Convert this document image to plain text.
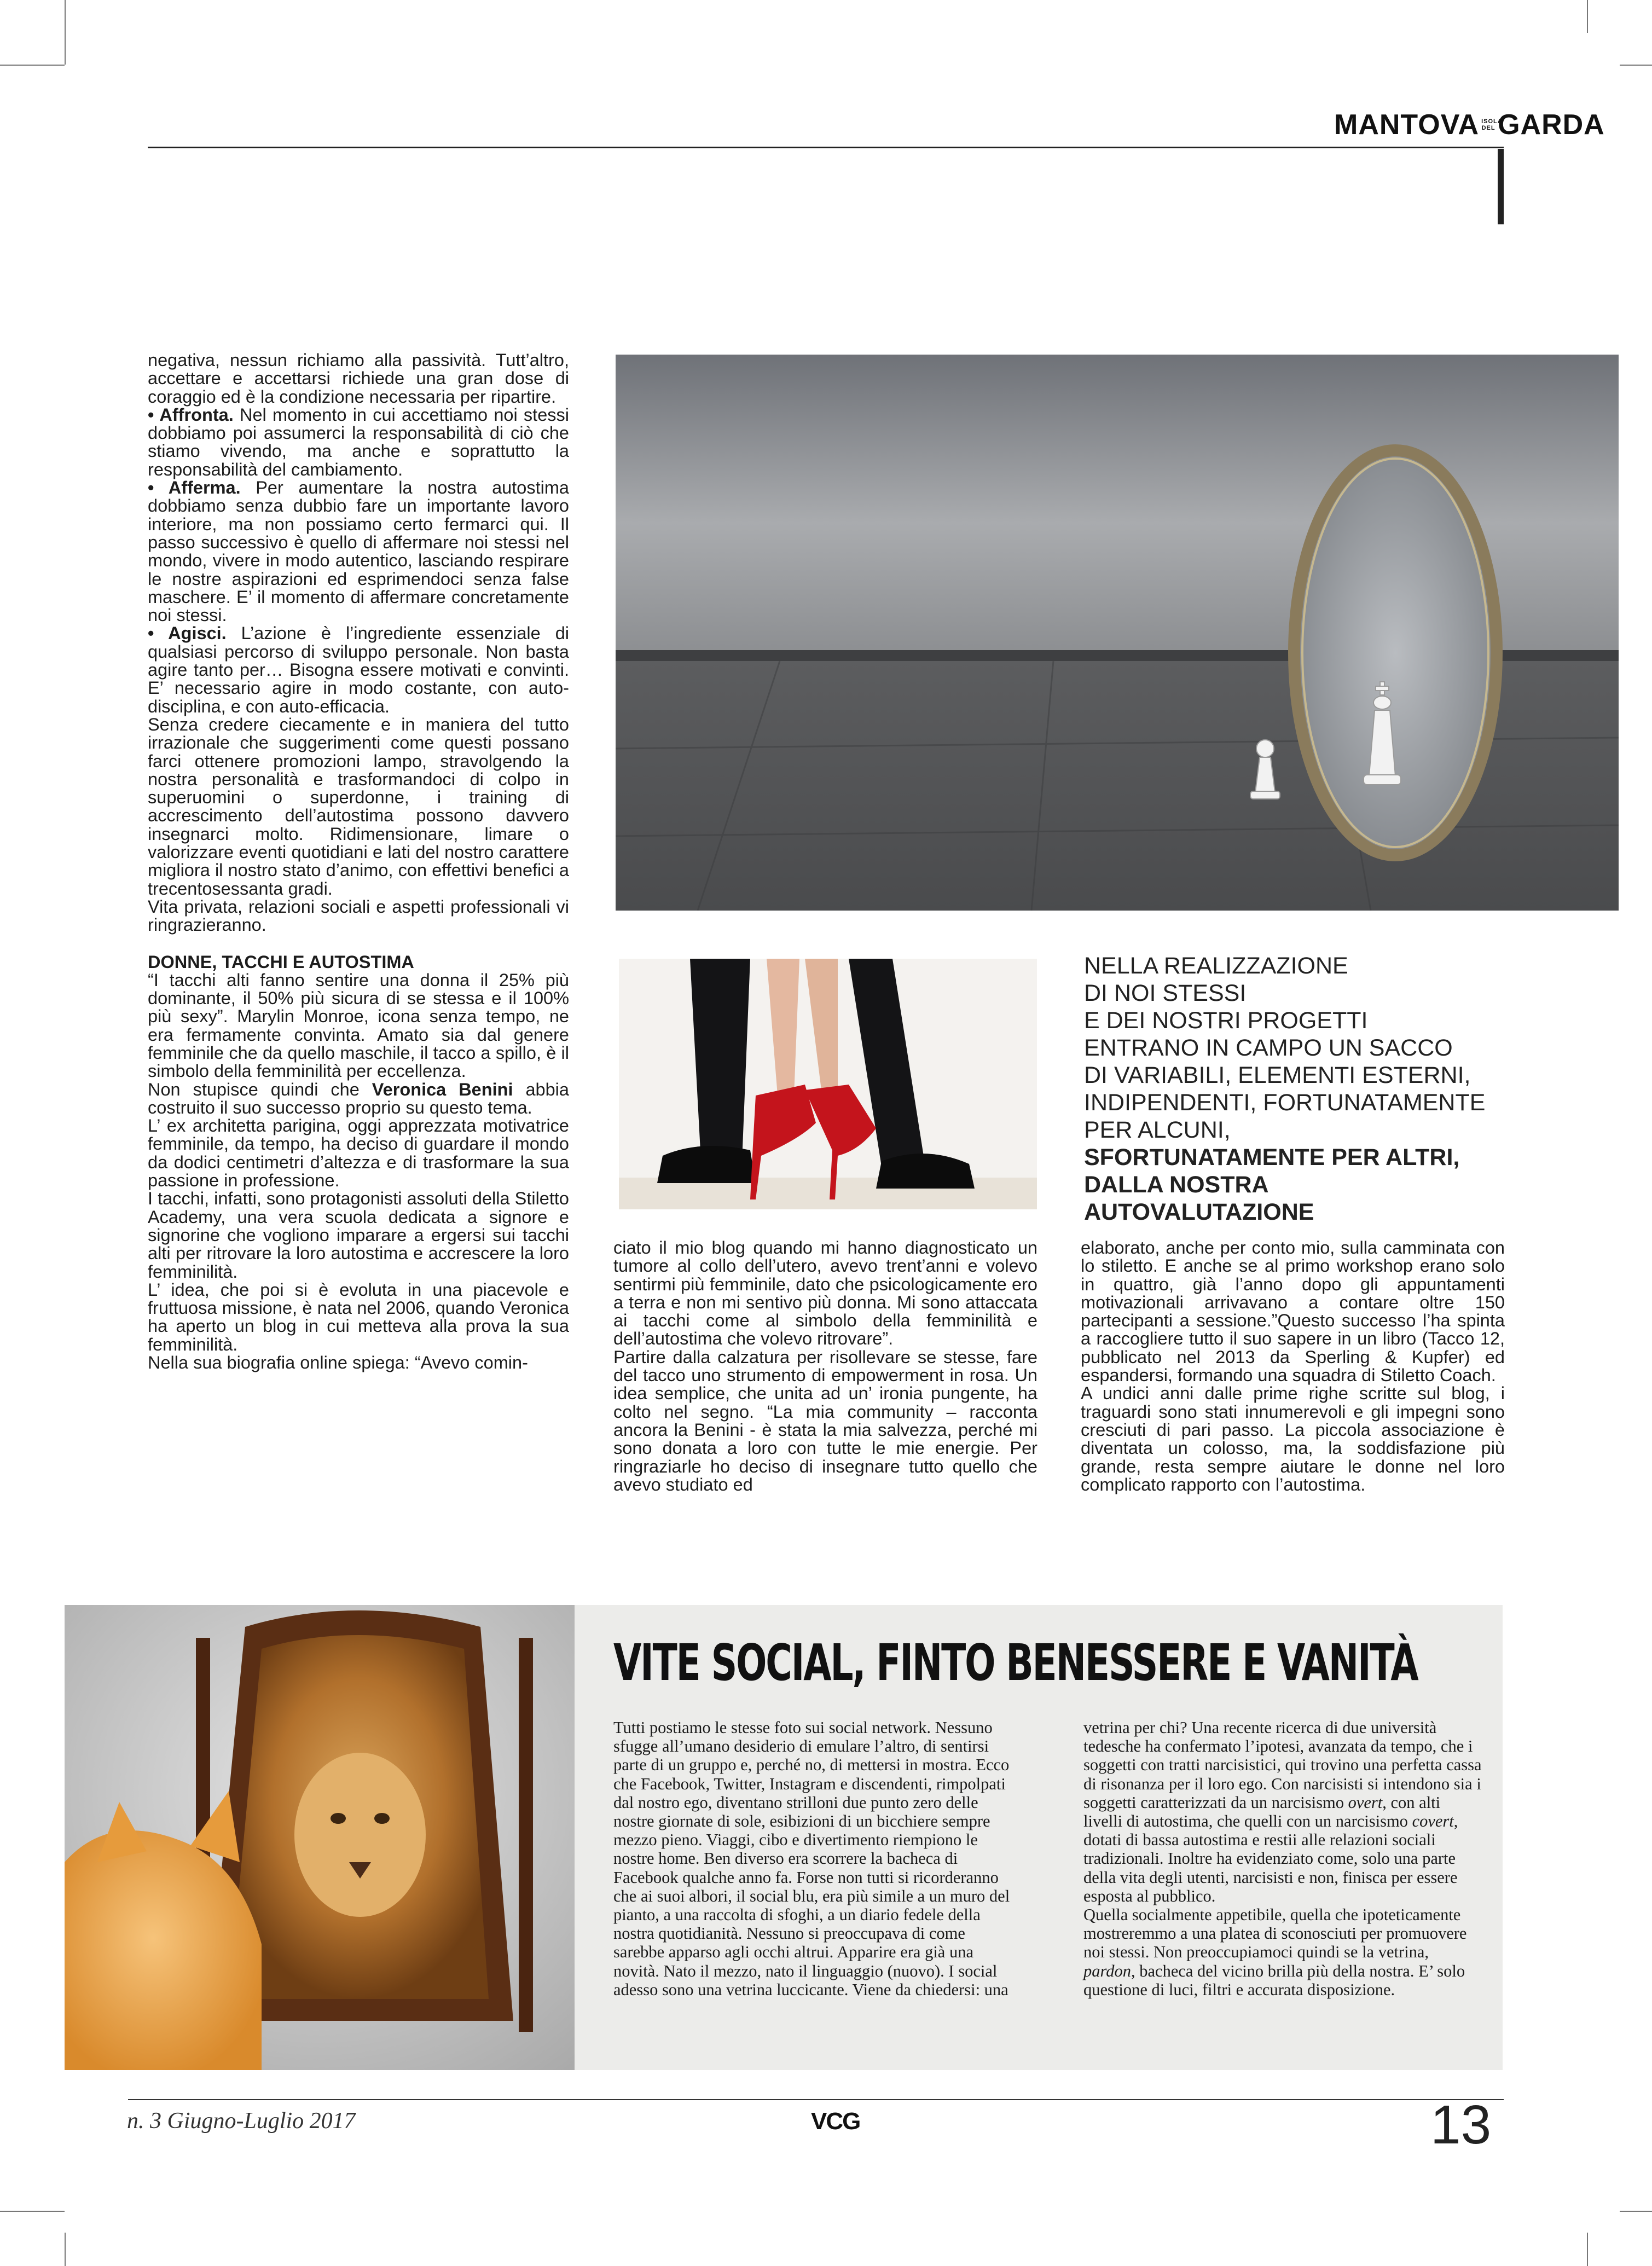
MANTOVA ISOLA DEL GARDA

negativa, nessun richiamo alla passività. Tutt’altro, accettare e accettarsi richiede una gran dose di coraggio ed è la condizione necessaria per ripartire.

• Affronta. Nel momento in cui accettiamo noi stessi dobbiamo poi assumerci la responsabilità di ciò che stiamo vivendo, ma anche e soprattutto la responsabilità del cambiamento.

• Afferma. Per aumentare la nostra autostima dobbiamo senza dubbio fare un importante lavoro interiore, ma non possiamo certo fermarci qui. Il passo successivo è quello di affermare noi stessi nel mondo, vivere in modo autentico, lasciando respirare le nostre aspirazioni ed esprimendoci senza false maschere. E’ il momento di affermare concretamente noi stessi.

• Agisci. L’azione è l’ingrediente essenziale di qualsiasi percorso di sviluppo personale. Non basta agire tanto per… Bisogna essere motivati e convinti. E’ necessario agire in modo costante, con auto-disciplina, e con auto-efficacia.

Senza credere ciecamente e in maniera del tutto irrazionale che suggerimenti come questi possano farci ottenere promozioni lampo, stravolgendo la nostra personalità e trasformandoci di colpo in superuomini o superdonne, i training di accrescimento dell’autostima possono davvero insegnarci molto. Ridimensionare, limare o valorizzare eventi quotidiani e lati del nostro carattere migliora il nostro stato d’animo, con effettivi benefici a trecentosessanta gradi.

Vita privata, relazioni sociali e aspetti professionali vi ringrazieranno.

DONNE, TACCHI E AUTOSTIMA

“I tacchi alti fanno sentire una donna il 25% più dominante, il 50% più sicura di se stessa e il 100% più sexy”. Marylin Monroe, icona senza tempo, ne era fermamente convinta. Amato sia dal genere femminile che da quello maschile, il tacco a spillo, è il simbolo della femminilità per eccellenza.

Non stupisce quindi che Veronica Benini abbia costruito il suo successo proprio su questo tema.

L’ ex architetta parigina, oggi apprezzata motivatrice femminile, da tempo, ha deciso di guardare il mondo da dodici centimetri d’altezza e di trasformare la sua passione in professione.

I tacchi, infatti, sono protagonisti assoluti della Stiletto Academy, una vera scuola dedicata a signore e signorine che vogliono imparare a ergersi sui tacchi alti per ritrovare la loro autostima e accrescere la loro femminilità.

L’ idea, che poi si è evoluta in una piacevole e fruttuosa missione, è nata nel 2006, quando Veronica ha aperto un blog in cui metteva alla prova la sua femminilità.

Nella sua biografia online spiega: “Avevo comin-

NELLA REALIZZAZIONE
DI NOI STESSI
E DEI NOSTRI PROGETTI
ENTRANO IN CAMPO UN SACCO
DI VARIABILI, ELEMENTI ESTERNI,
INDIPENDENTI, FORTUNATAMENTE
PER ALCUNI,
SFORTUNATAMENTE PER ALTRI,
DALLA NOSTRA AUTOVALUTAZIONE

ciato il mio blog quando mi hanno diagnosticato un tumore al collo dell’utero, avevo trent’anni e volevo sentirmi più femminile, dato che psicologicamente ero a terra e non mi sentivo più donna. Mi sono attaccata ai tacchi come al simbolo della femminilità e dell’autostima che volevo ritrovare”.

Partire dalla calzatura per risollevare se stesse, fare del tacco uno strumento di empowerment in rosa. Un idea semplice, che unita ad un’ ironia pungente, ha colto nel segno. “La mia community – racconta ancora la Benini - è stata la mia salvezza, perché mi sono donata a loro con tutte le mie energie. Per ringraziarle ho deciso di insegnare tutto quello che avevo studiato ed

elaborato, anche per conto mio, sulla camminata con lo stiletto. E anche se al primo workshop erano solo in quattro, già l’anno dopo gli appuntamenti motivazionali arrivavano a contare oltre 150 partecipanti a sessione.”Questo successo l’ha spinta a raccogliere tutto il suo sapere in un libro (Tacco 12, pubblicato nel 2013 da Sperling & Kupfer) ed espandersi, formando una squadra di Stiletto Coach.

A undici anni dalle prime righe scritte sul blog, i traguardi sono stati innumerevoli e gli impegni sono cresciuti di pari passo. La piccola associazione è diventata un colosso, ma, la soddisfazione più grande, resta sempre aiutare le donne nel loro complicato rapporto con l’autostima.

VITE SOCIAL, FINTO BENESSERE E VANITÀ

Tutti postiamo le stesse foto sui social network. Nessuno sfugge all’umano desiderio di emulare l’altro, di sentirsi parte di un gruppo e, perché no, di mettersi in mostra. Ecco che Facebook, Twitter, Instagram e discendenti, rimpolpati dal nostro ego, diventano strilloni due punto zero delle nostre giornate di sole, esibizioni di un bicchiere sempre mezzo pieno. Viaggi, cibo e divertimento riempiono le nostre home. Ben diverso era scorrere la bacheca di Facebook qualche anno fa. Forse non tutti si ricorderanno che ai suoi albori, il social blu, era più simile a un muro del pianto, a una raccolta di sfoghi, a un diario fedele della nostra quotidianità. Nessuno si preoccupava di come sarebbe apparso agli occhi altrui. Apparire era già una novità. Nato il mezzo, nato il linguaggio (nuovo). I social adesso sono una vetrina luccicante. Viene da chiedersi: una

vetrina per chi? Una recente ricerca di due università tedesche ha confermato l’ipotesi, avanzata da tempo, che i soggetti con tratti narcisistici, qui trovino una perfetta cassa di risonanza per il loro ego. Con narcisisti si intendono sia i soggetti caratterizzati da un narcisismo overt, con alti livelli di autostima, che quelli con un narcisismo covert, dotati di bassa autostima e restii alle relazioni sociali tradizionali. Inoltre ha evidenziato come, solo una parte della vita degli utenti, narcisisti e non, finisca per essere esposta al pubblico.

Quella socialmente appetibile, quella che ipoteticamente mostreremmo a una platea di sconosciuti per promuovere noi stessi. Non preoccupiamoci quindi se la vetrina, pardon, bacheca del vicino brilla più della nostra. E’ solo questione di luci, filtri e accurata disposizione.

n. 3 Giugno-Luglio 2017	VCG	13
